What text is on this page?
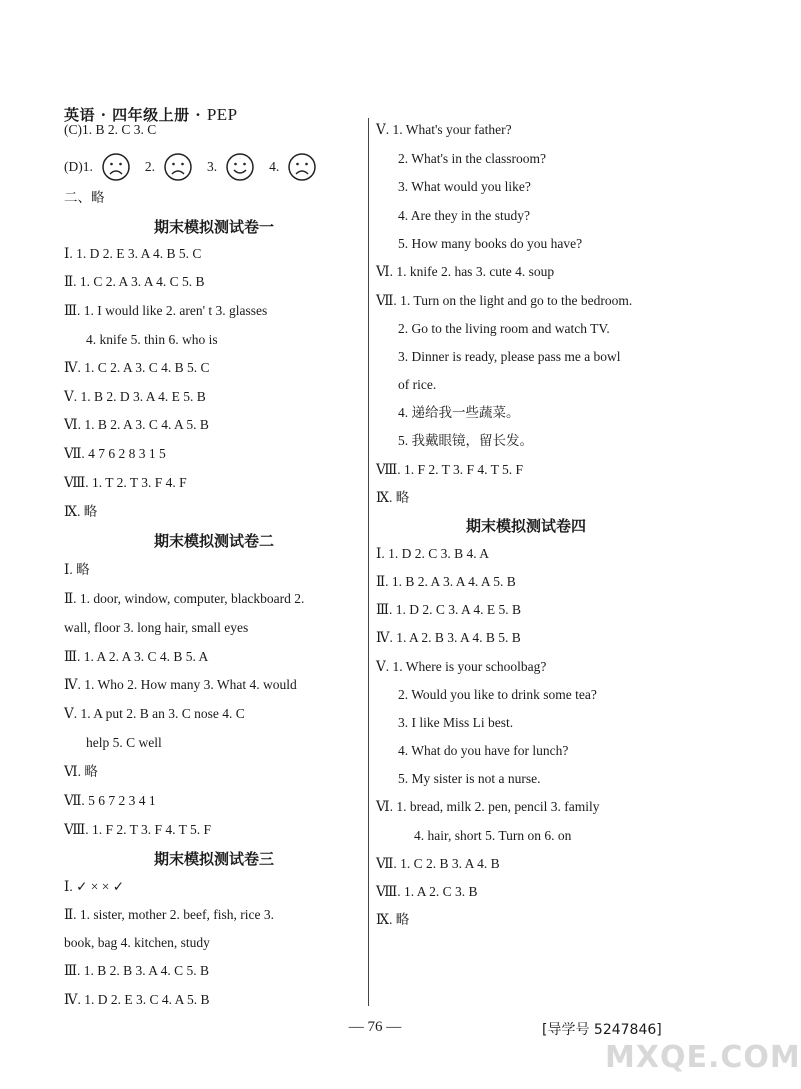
英语 · 四年级上册 · PEP
(C)1. B 2. C 3. C
(D)1.	2.	3.	4.
二、略
期末模拟测试卷一
Ⅰ. 1. D 2. E 3. A 4. B 5. C
Ⅱ. 1. C 2. A 3. A 4. C 5. B
Ⅲ. 1. I would like 2. aren' t 3. glasses
4. knife 5. thin 6. who is
Ⅳ. 1. C 2. A 3. C 4. B 5. C
Ⅴ. 1. B 2. D 3. A 4. E 5. B
Ⅵ. 1. B 2. A 3. C 4. A 5. B
Ⅶ. 4 7 6 2 8 3 1 5
Ⅷ. 1. T 2. T 3. F 4. F
Ⅸ. 略
期末模拟测试卷二
Ⅰ. 略
Ⅱ. 1. door, window, computer, blackboard 2.
wall, floor 3. long hair, small eyes
Ⅲ. 1. A 2. A 3. C 4. B 5. A
Ⅳ. 1. Who 2. How many 3. What 4. would
Ⅴ. 1. A put 2. B an 3. C nose 4. C
help 5. C well
Ⅵ. 略
Ⅶ. 5 6 7 2 3 4 1
Ⅷ. 1. F 2. T 3. F 4. T 5. F
期末模拟测试卷三
Ⅰ. ✓ × × ✓
Ⅱ. 1. sister, mother 2. beef, fish, rice 3.
book, bag 4. kitchen, study
Ⅲ. 1. B 2. B 3. A 4. C 5. B
Ⅳ. 1. D 2. E 3. C 4. A 5. B
Ⅴ. 1. What's your father?
2. What's in the classroom?
3. What would you like?
4. Are they in the study?
5. How many books do you have?
Ⅵ. 1. knife 2. has 3. cute 4. soup
Ⅶ. 1. Turn on the light and go to the bedroom.
2. Go to the living room and watch TV.
3. Dinner is ready, please pass me a bowl
of rice.
4. 递给我一些蔬菜。
5. 我戴眼镜，留长发。
Ⅷ. 1. F 2. T 3. F 4. T 5. F
Ⅸ. 略
期末模拟测试卷四
Ⅰ. 1. D 2. C 3. B 4. A
Ⅱ. 1. B 2. A 3. A 4. A 5. B
Ⅲ. 1. D 2. C 3. A 4. E 5. B
Ⅳ. 1. A 2. B 3. A 4. B 5. B
Ⅴ. 1. Where is your schoolbag?
2. Would you like to drink some tea?
3. I like Miss Li best.
4. What do you have for lunch?
5. My sister is not a nurse.
Ⅵ. 1. bread, milk 2. pen, pencil 3. family
4. hair, short 5. Turn on 6. on
Ⅶ. 1. C 2. B 3. A 4. B
Ⅷ. 1. A 2. C 3. B
Ⅸ. 略
— 76 —	[导学号 5247846]
MXQE.COM
